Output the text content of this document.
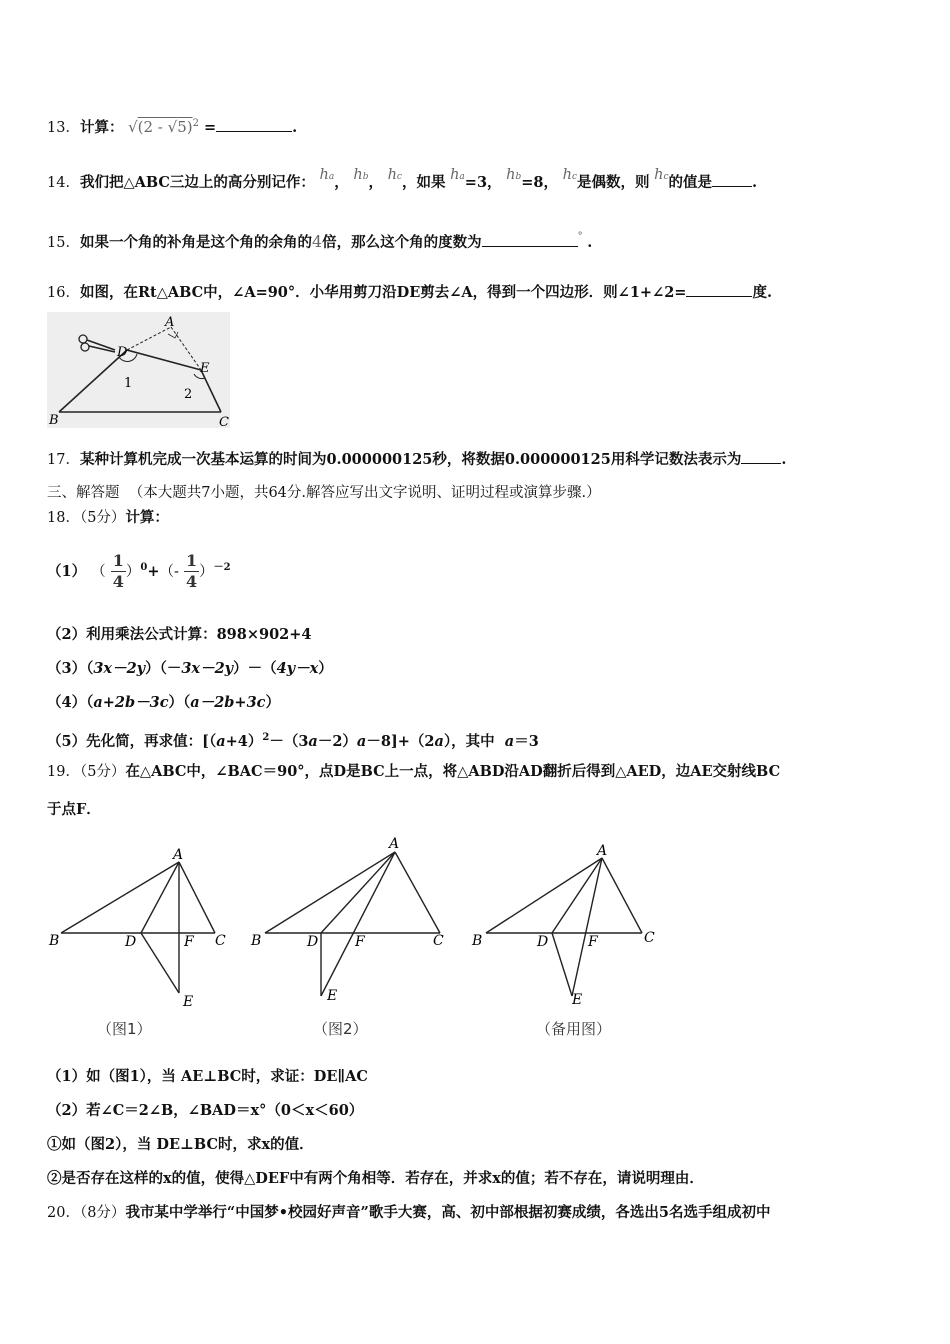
13．计算： √(2 - √5)$^2$ =	.
14．我们把△ABC三边上的高分别记作： ha， hb， hc，如果 ha=3， hb=8， hc是偶数，则 hc的值是	.
15．如果一个角的补角是这个角的余角的4倍，那么这个角的度数为	° .
16．如图，在Rt△ABC中，∠A=90°．小华用剪刀沿DE剪去∠A，得到一个四边形．则∠1+∠2=	度.
A
D
E
B	C
1
2
17．某种计算机完成一次基本运算的时间为0.000000125秒，将数据0.000000125用科学记数法表示为	.
三、解答题 （本大题共7小题，共64分.解答应写出文字说明、证明过程或演算步骤.）
18．（5分）计算：
（1） （ $\frac{1}{4} )^0+(- \frac{1}{4} )^{-2}$
（2）利用乘法公式计算：898×902+4
（3）（3x－2y）（－3x－2y）－（4y－x）
（4）（a+2b－3c）（a－2b+3c）
（5）先化简，再求值：$[(a+4)^2-(3a-2)a-8]+(2a)$，其中 a＝3
19．（5分）在△ABC中，∠BAC＝90°，点D是BC上一点，将△ABD沿AD翻折后得到△AED，边AE交射线BC
于点F．
A
B	D	F C
E
（图1）
A
B	D	F	C
E
（图2）
A
B	D	F	C
E
（备用图）
（1）如（图1），当 AE⊥BC时，求证：DE∥AC
（2）若∠C＝2∠B，∠BAD＝x°（0＜x＜60）
①如（图2），当 DE⊥BC时，求x的值．
②是否存在这样的x的值，使得△DEF中有两个角相等．若存在，并求x的值；若不存在，请说明理由．
20．（8分）我市某中学举行“中国梦•校园好声音”歌手大赛，高、初中部根据初赛成绩，各选出5名选手组成初中
